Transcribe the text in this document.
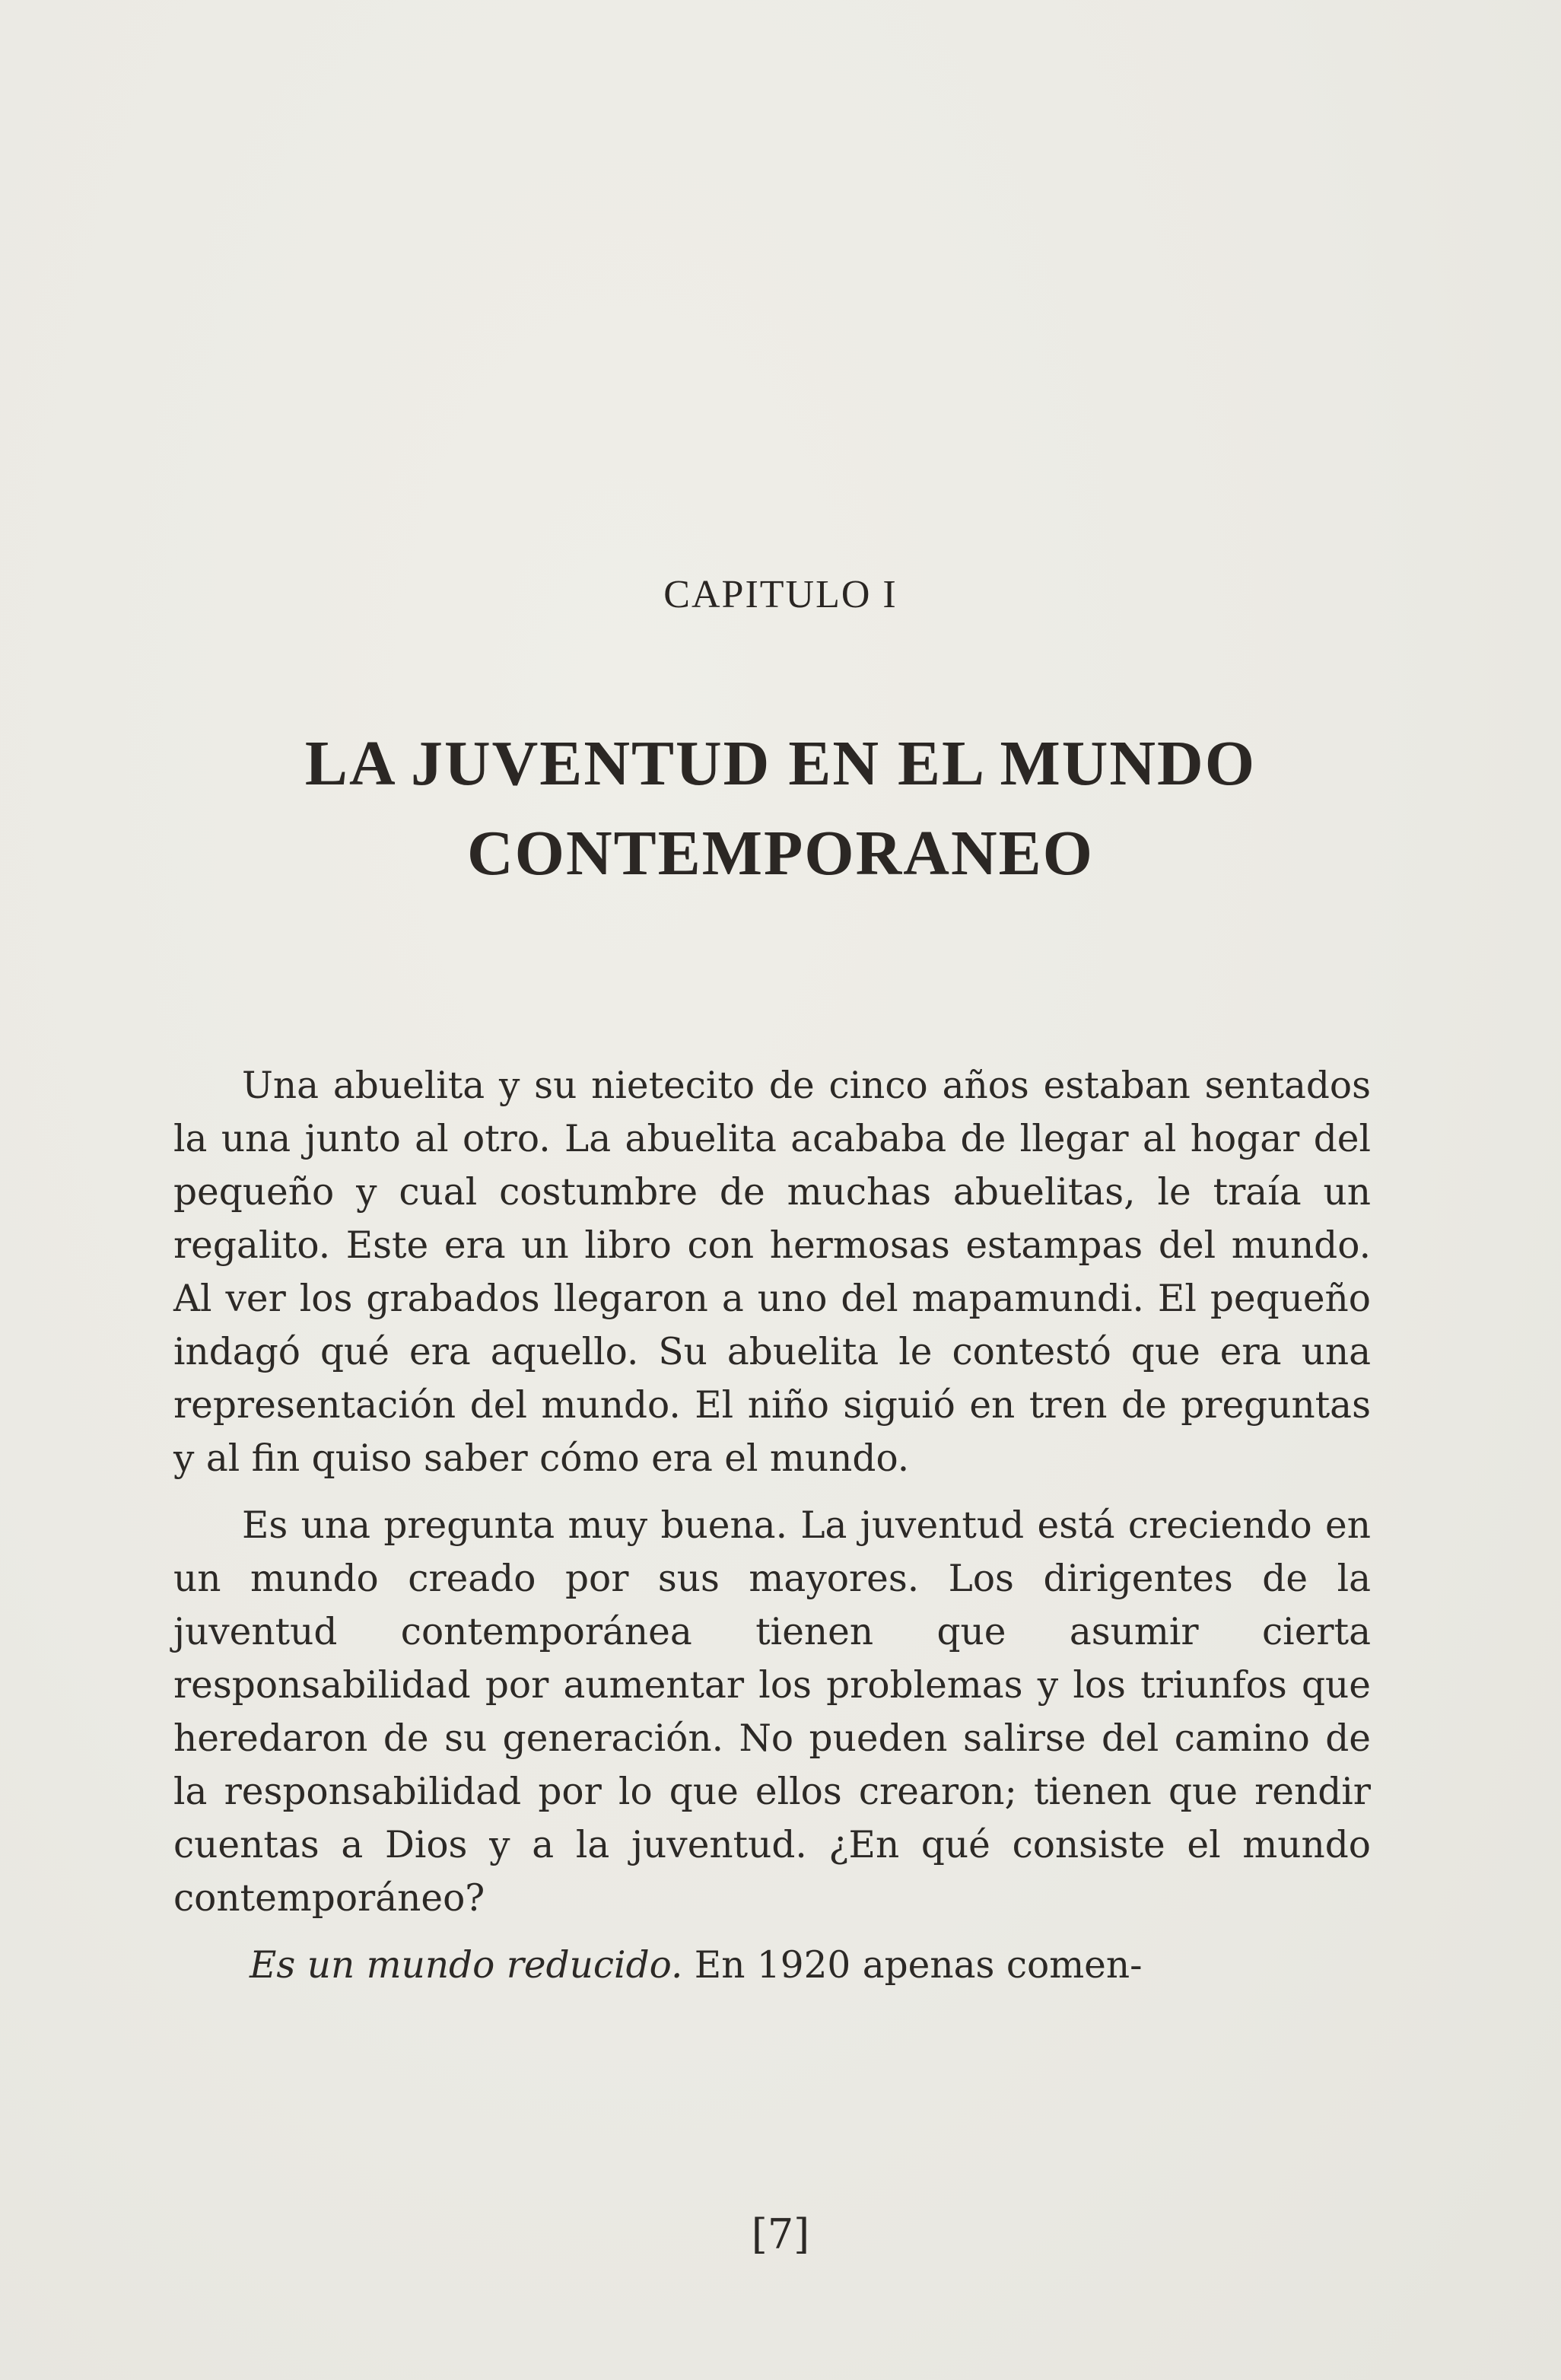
CAPITULO I
LA JUVENTUD EN EL MUNDO
CONTEMPORANEO

Una abuelita y su nietecito de cinco años estaban sentados la una junto al otro. La abuelita acababa de llegar al hogar del pequeño y cual costumbre de muchas abuelitas, le traía un regalito. Este era un libro con hermosas estampas del mundo. Al ver los grabados llegaron a uno del mapamundi. El pequeño indagó qué era aquello. Su abuelita le contestó que era una representación del mundo. El niño siguió en tren de preguntas y al fin quiso saber cómo era el mundo.

Es una pregunta muy buena. La juventud está creciendo en un mundo creado por sus mayores. Los dirigentes de la juventud contemporánea tienen que asumir cierta responsabilidad por aumentar los problemas y los triunfos que heredaron de su generación. No pueden salirse del camino de la responsabilidad por lo que ellos crearon; tienen que rendir cuentas a Dios y a la juventud. ¿En qué consiste el mundo contemporáneo?

Es un mundo reducido. En 1920 apenas comen-

[7]
